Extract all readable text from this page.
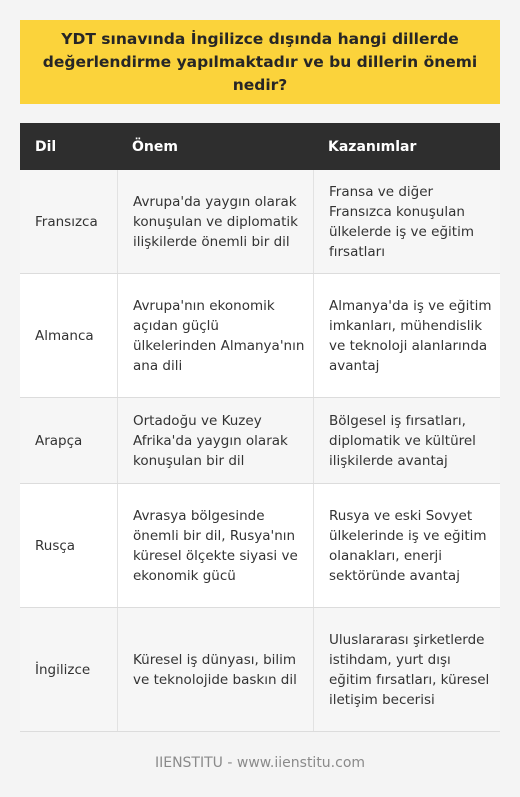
YDT sınavında İngilizce dışında hangi dillerde değerlendirme yapılmaktadır ve bu dillerin önemi nedir?
Dil	Önem	Kazanımlar
Fransızca
Avrupa'da yaygın olarak konuşulan ve diplomatik ilişkilerde önemli bir dil
Fransa ve diğer Fransızca konuşulan ülkelerde iş ve eğitim fırsatları
Almanca
Avrupa'nın ekonomik açıdan güçlü ülkelerinden Almanya'nın ana dili
Almanya'da iş ve eğitim imkanları, mühendislik ve teknoloji alanlarında avantaj
Arapça
Ortadoğu ve Kuzey Afrika'da yaygın olarak konuşulan bir dil
Bölgesel iş fırsatları, diplomatik ve kültürel ilişkilerde avantaj
Rusça
Avrasya bölgesinde önemli bir dil, Rusya'nın küresel ölçekte siyasi ve ekonomik gücü
Rusya ve eski Sovyet ülkelerinde iş ve eğitim olanakları, enerji sektöründe avantaj
İngilizce
Küresel iş dünyası, bilim ve teknolojide baskın dil
Uluslararası şirketlerde istihdam, yurt dışı eğitim fırsatları, küresel iletişim becerisi
IIENSTITU - www.iienstitu.com
